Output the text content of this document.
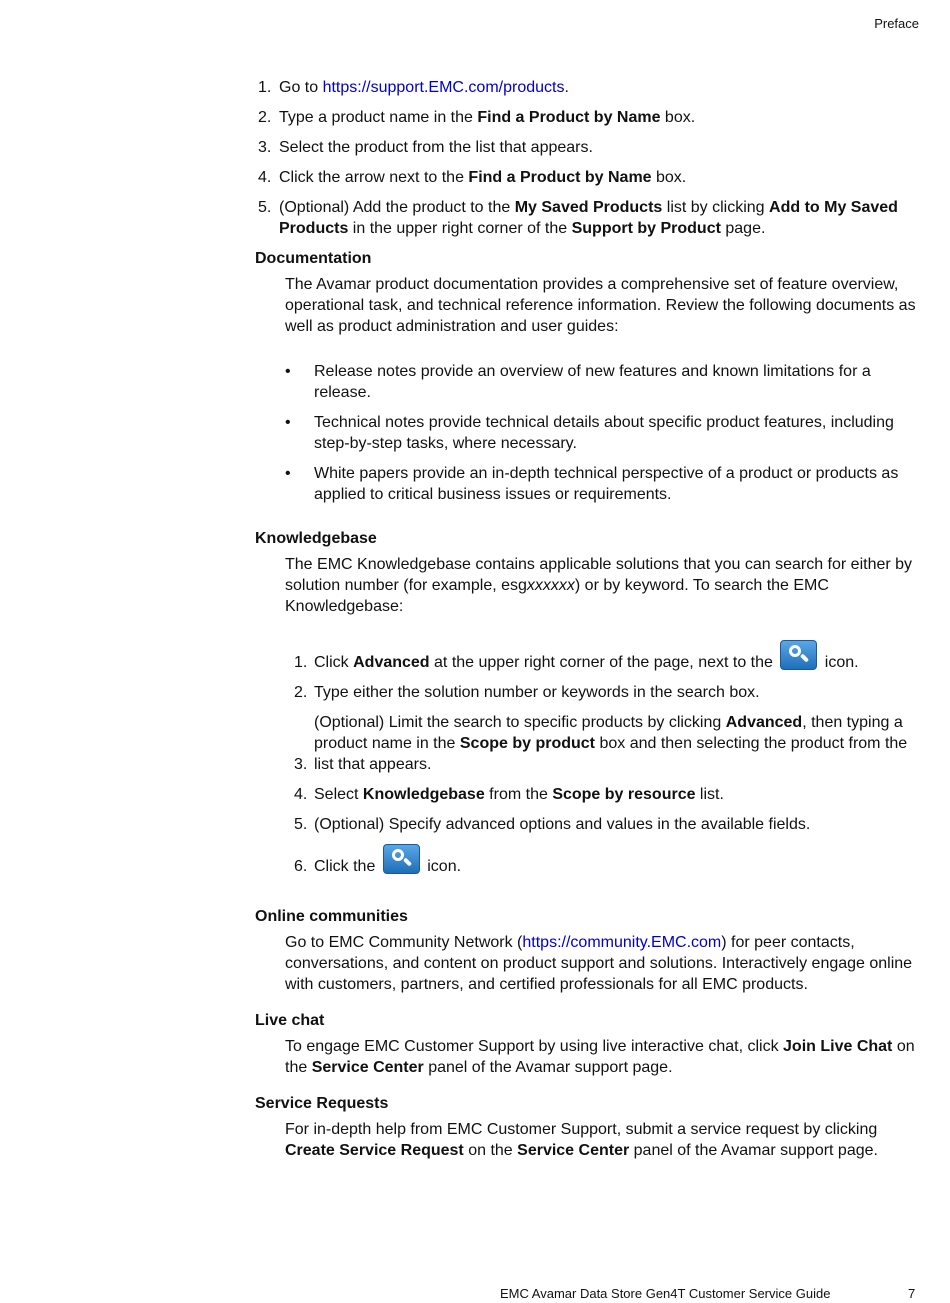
Preface
1. Go to https://support.EMC.com/products.
2. Type a product name in the Find a Product by Name box.
3. Select the product from the list that appears.
4. Click the arrow next to the Find a Product by Name box.
5. (Optional) Add the product to the My Saved Products list by clicking Add to My Saved Products in the upper right corner of the Support by Product page.
Documentation
The Avamar product documentation provides a comprehensive set of feature overview, operational task, and technical reference information. Review the following documents as well as product administration and user guides:
• Release notes provide an overview of new features and known limitations for a release.
• Technical notes provide technical details about specific product features, including step-by-step tasks, where necessary.
• White papers provide an in-depth technical perspective of a product or products as applied to critical business issues or requirements.
Knowledgebase
The EMC Knowledgebase contains applicable solutions that you can search for either by solution number (for example, esgxxxxxx) or by keyword. To search the EMC Knowledgebase:
1. Click Advanced at the upper right corner of the page, next to the	icon.
2. Type either the solution number or keywords in the search box.
3.
(Optional) Limit the search to specific products by clicking Advanced, then typing a product name in the Scope by product box and then selecting the product from the list that appears.
4. Select Knowledgebase from the Scope by resource list.
5. (Optional) Specify advanced options and values in the available fields.
6. Click the	icon.
Online communities
Go to EMC Community Network (https://community.EMC.com) for peer contacts, conversations, and content on product support and solutions. Interactively engage online with customers, partners, and certified professionals for all EMC products.
Live chat
To engage EMC Customer Support by using live interactive chat, click Join Live Chat on the Service Center panel of the Avamar support page.
Service Requests
For in-depth help from EMC Customer Support, submit a service request by clicking Create Service Request on the Service Center panel of the Avamar support page.
EMC Avamar Data Store Gen4T Customer Service Guide	7
